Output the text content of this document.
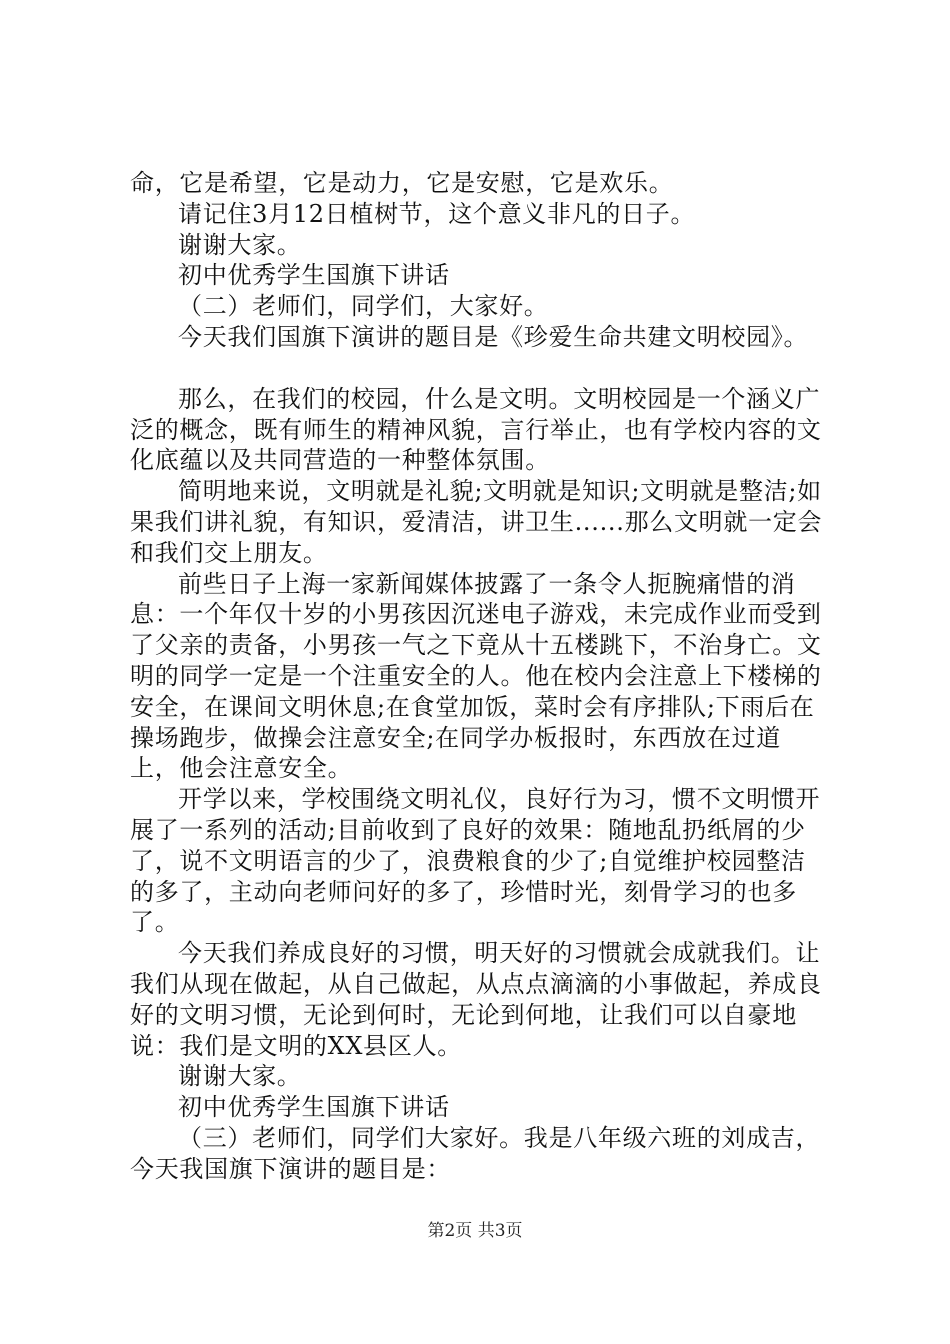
命，它是希望，它是动力，它是安慰，它是欢乐。

请记住3月12日植树节，这个意义非凡的日子。

谢谢大家。

初中优秀学生国旗下讲话

（二）老师们，同学们，大家好。

今天我们国旗下演讲的题目是《珍爱生命共建文明校园》。

那么，在我们的校园，什么是文明。文明校园是一个涵义广泛的概念，既有师生的精神风貌，言行举止，也有学校内容的文化底蕴以及共同营造的一种整体氛围。

简明地来说，文明就是礼貌;文明就是知识;文明就是整洁;如果我们讲礼貌，有知识，爱清洁，讲卫生......那么文明就一定会和我们交上朋友。

前些日子上海一家新闻媒体披露了一条令人扼腕痛惜的消息：一个年仅十岁的小男孩因沉迷电子游戏，未完成作业而受到了父亲的责备，小男孩一气之下竟从十五楼跳下，不治身亡。文明的同学一定是一个注重安全的人。他在校内会注意上下楼梯的安全，在课间文明休息;在食堂加饭，菜时会有序排队;下雨后在操场跑步，做操会注意安全;在同学办板报时，东西放在过道上，他会注意安全。

开学以来，学校围绕文明礼仪，良好行为习，惯不文明惯开展了一系列的活动;目前收到了良好的效果：随地乱扔纸屑的少了，说不文明语言的少了，浪费粮食的少了;自觉维护校园整洁的多了，主动向老师问好的多了，珍惜时光，刻骨学习的也多了。

今天我们养成良好的习惯，明天好的习惯就会成就我们。让我们从现在做起，从自己做起，从点点滴滴的小事做起，养成良好的文明习惯，无论到何时，无论到何地，让我们可以自豪地说：我们是文明的XX县区人。

谢谢大家。

初中优秀学生国旗下讲话

（三）老师们，同学们大家好。我是八年级六班的刘成吉，今天我国旗下演讲的题目是：

第2页 共3页
